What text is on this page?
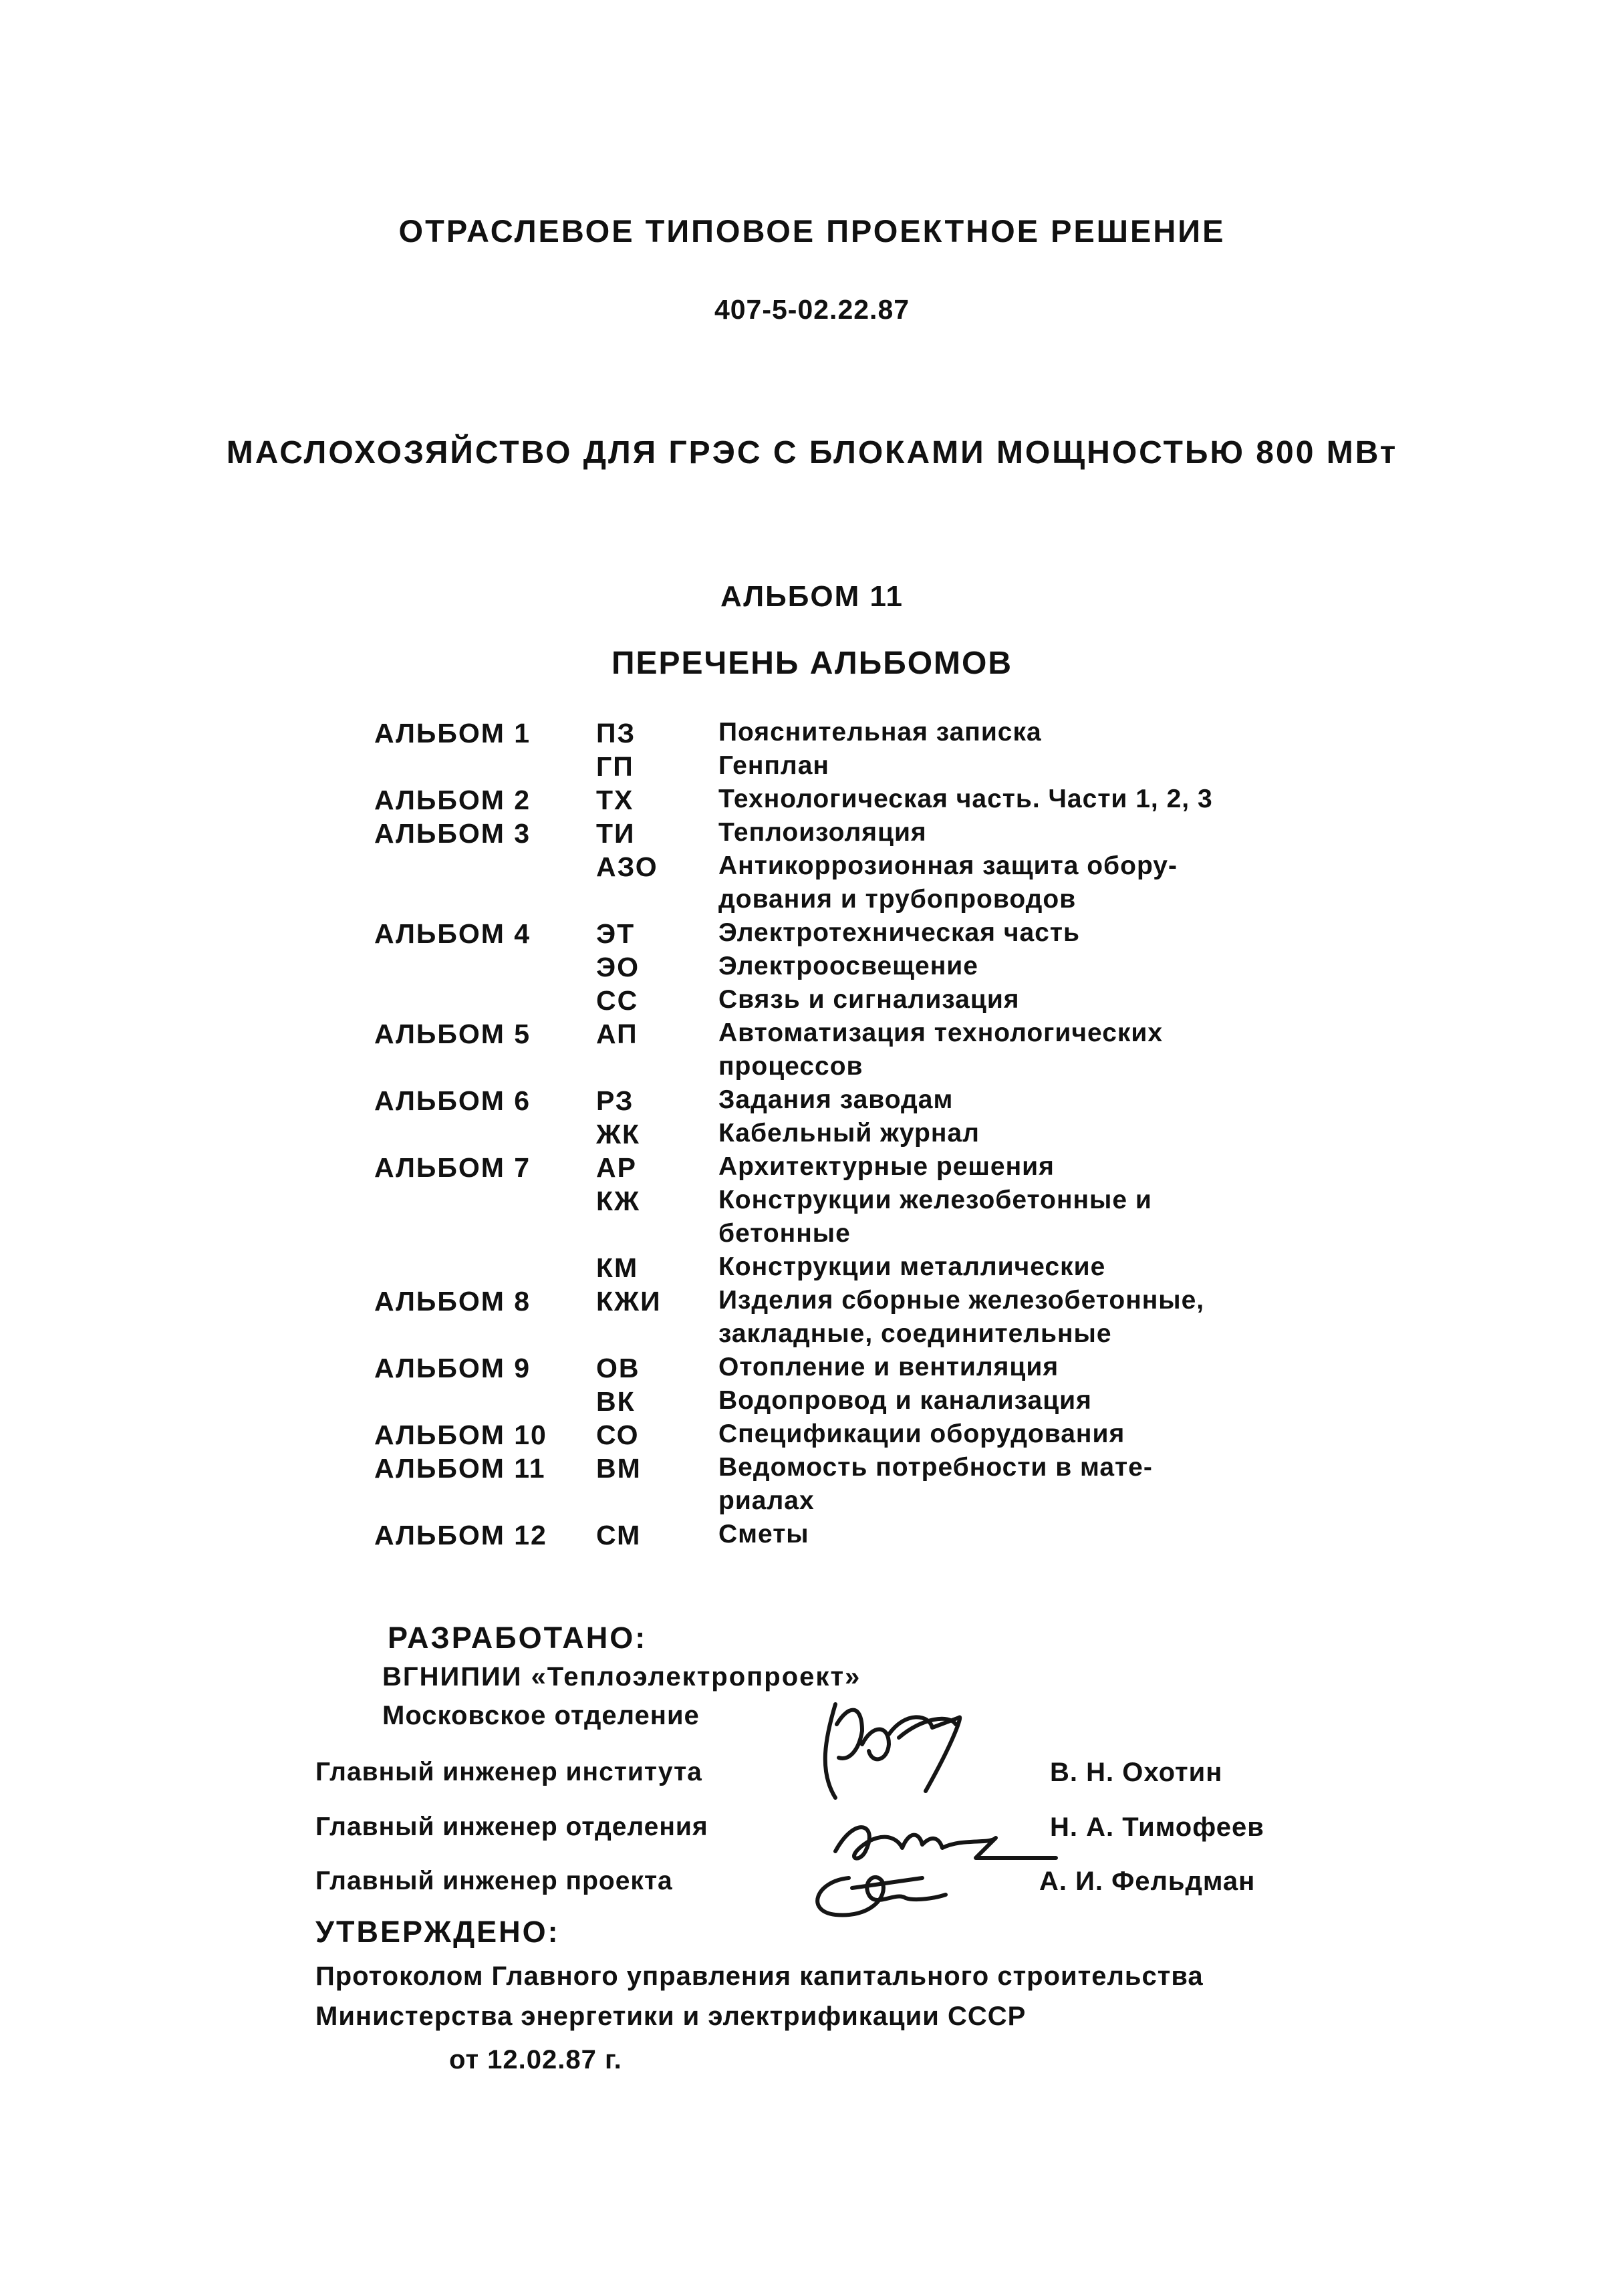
ОТРАСЛЕВОЕ ТИПОВОЕ ПРОЕКТНОЕ РЕШЕНИЕ
407-5-02.22.87
МАСЛОХОЗЯЙСТВО ДЛЯ ГРЭС С БЛОКАМИ МОЩНОСТЬЮ 800 МВт
АЛЬБОМ 11
ПЕРЕЧЕНЬ АЛЬБОМОВ
АЛЬБОМ 1 ПЗ	Пояснительная записка
ГП	Генплан
АЛЬБОМ 2 ТХ	Технологическая часть. Части 1, 2, 3
АЛЬБОМ 3 ТИ	Теплоизоляция
АЗО Антикоррозионная защита обору-
дования и трубопроводов
АЛЬБОМ 4 ЭТ	Электротехническая часть
ЭО	Электроосвещение
СС	Связь и сигнализация
АЛЬБОМ 5 АП	Автоматизация технологических
процессов
АЛЬБОМ 6 РЗ	Задания заводам
ЖК	Кабельный журнал
АЛЬБОМ 7 АР	Архитектурные решения
КЖ	Конструкции железобетонные и
бетонные
КМ	Конструкции металлические
АЛЬБОМ 8 КЖИ Изделия сборные железобетонные,
закладные, соединительные
АЛЬБОМ 9 ОВ	Отопление и вентиляция
ВК	Водопровод и канализация
АЛЬБОМ 10 СО	Спецификации оборудования
АЛЬБОМ 11 ВМ	Ведомость потребности в мате-
риалах
АЛЬБОМ 12 СМ	Сметы
РАЗРАБОТАНО:
ВГНИПИИ «Теплоэлектропроект»
Московское отделение
Главный инженер института
Главный инженер отделения
Главный инженер проекта
В. Н. Охотин
Н. А. Тимофеев
А. И. Фельдман
УТВЕРЖДЕНО:
Протоколом Главного управления капитального строительства
Министерства энергетики и электрификации СССР
от 12.02.87 г.
